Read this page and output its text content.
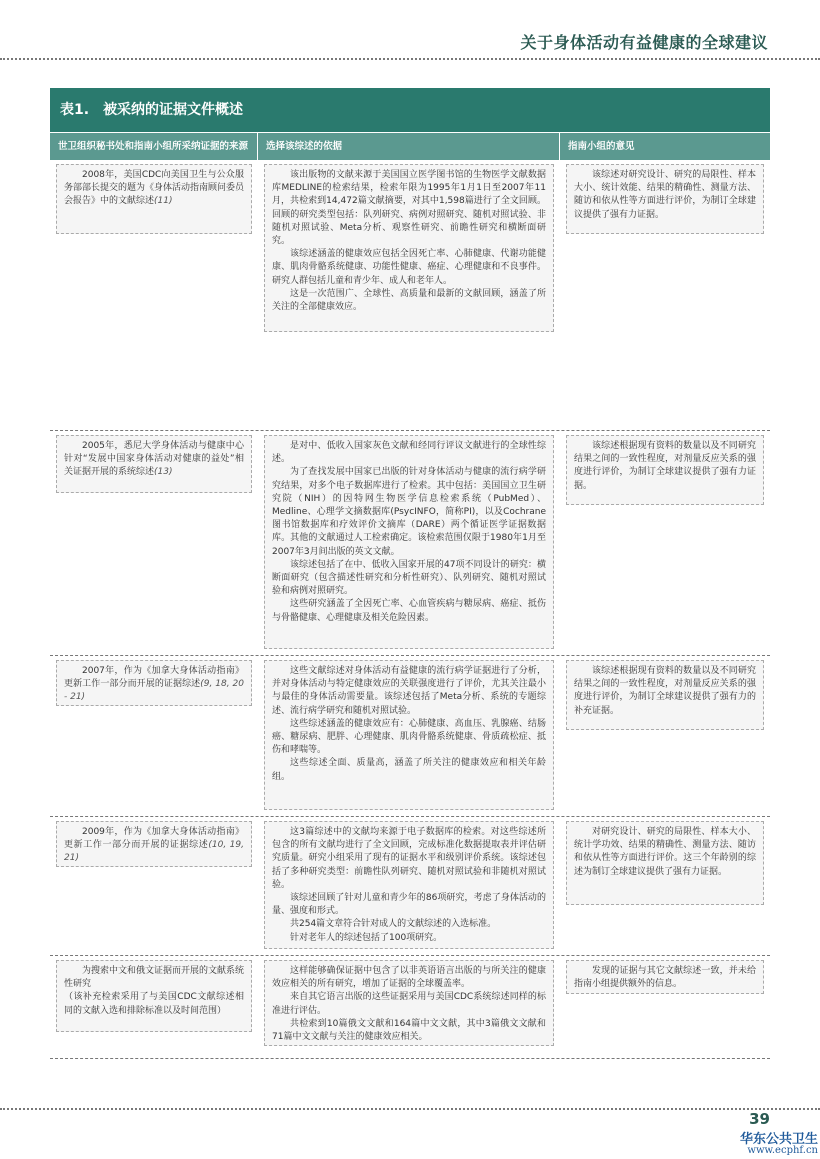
关于身体活动有益健康的全球建议
表1. 被采纳的证据文件概述
世卫组织秘书处和指南小组所采纳证据的来源	选择该综述的依据	指南小组的意见

2008年，美国CDC向美国卫生与公众服务部部长提交的题为《身体活动指南顾问委员会报告》中的文献综述(11)

该出版物的文献来源于美国国立医学图书馆的生物医学文献数据库MEDLINE的检索结果，检索年限为1995年1月1日至2007年11月，共检索到14,472篇文献摘要，对其中1,598篇进行了全文回顾。回顾的研究类型包括：队列研究、病例对照研究、随机对照试验、非随机对照试验、Meta分析、观察性研究、前瞻性研究和横断面研究。

该综述涵盖的健康效应包括全因死亡率、心肺健康、代谢功能健康、肌肉骨骼系统健康、功能性健康、癌症、心理健康和不良事件。研究人群包括儿童和青少年、成人和老年人。

这是一次范围广、全球性、高质量和最新的文献回顾，涵盖了所关注的全部健康效应。

该综述对研究设计、研究的局限性、样本大小、统计效能、结果的精确性、测量方法、随访和依从性等方面进行评价，为制订全球建议提供了强有力证据。

2005年，悉尼大学身体活动与健康中心针对“发展中国家身体活动对健康的益处”相关证据开展的系统综述(13)

是对中、低收入国家灰色文献和经同行评议文献进行的全球性综述。

为了查找发展中国家已出版的针对身体活动与健康的流行病学研究结果，对多个电子数据库进行了检索。其中包括：美国国立卫生研究院（NIH）的因特网生物医学信息检索系统（PubMed）、Medline、心理学文摘数据库(PsycINFO，简称PI)，以及Cochrane图书馆数据库和疗效评价文摘库（DARE）两个循证医学证据数据库。其他的文献通过人工检索确定。该检索范围仅限于1980年1月至2007年3月间出版的英文文献。

该综述包括了在中、低收入国家开展的47项不同设计的研究：横断面研究（包含描述性研究和分析性研究）、队列研究、随机对照试验和病例对照研究。

这些研究涵盖了全因死亡率、心血管疾病与糖尿病、癌症、抵伤与骨骼健康、心理健康及相关危险因素。

该综述根据现有资料的数量以及不同研究结果之间的一致性程度，对剂量反应关系的强度进行评价，为制订全球建议提供了强有力证据。

2007年，作为《加拿大身体活动指南》更新工作一部分而开展的证据综述(9, 18, 20 - 21)

这些文献综述对身体活动有益健康的流行病学证据进行了分析，并对身体活动与特定健康效应的关联强度进行了评价，尤其关注最小与最佳的身体活动需要量。该综述包括了Meta分析、系统的专题综述、流行病学研究和随机对照试验。

这些综述涵盖的健康效应有：心肺健康、高血压、乳腺癌、结肠癌、糖尿病、肥胖、心理健康、肌肉骨骼系统健康、骨质疏松症、抵伤和哮喘等。

这些综述全面、质量高，涵盖了所关注的健康效应和相关年龄组。

该综述根据现有资料的数量以及不同研究结果之间的一致性程度，对剂量反应关系的强度进行评价，为制订全球建议提供了强有力的补充证据。

2009年，作为《加拿大身体活动指南》更新工作一部分而开展的证据综述(10, 19, 21)

这3篇综述中的文献均来源于电子数据库的检索。对这些综述所包含的所有文献均进行了全文回顾，完成标准化数据提取表并评估研究质量。研究小组采用了现有的证据水平和级别评价系统。该综述包括了多种研究类型：前瞻性队列研究、随机对照试验和非随机对照试验。

该综述回顾了针对儿童和青少年的86项研究，考虑了身体活动的量、强度和形式。

共254篇文章符合针对成人的文献综述的入选标准。

针对老年人的综述包括了100项研究。

对研究设计、研究的局限性、样本大小、统计学功效、结果的精确性、测量方法、随访和依从性等方面进行评价。这三个年龄别的综述为制订全球建议提供了强有力证据。

为搜索中文和俄文证据而开展的文献系统性研究

（该补充检索采用了与美国CDC文献综述相同的文献入选和排除标准以及时间范围）

这样能够确保证据中包含了以非英语语言出版的与所关注的健康效应相关的所有研究，增加了证据的全球覆盖率。

来自其它语言出版的这些证据采用与美国CDC系统综述同样的标准进行评估。

共检索到10篇俄文文献和164篇中文文献，其中3篇俄文文献和71篇中文文献与关注的健康效应相关。

发现的证据与其它文献综述一致，并未给指南小组提供额外的信息。

39
华东公共卫生
www.ecphf.cn
